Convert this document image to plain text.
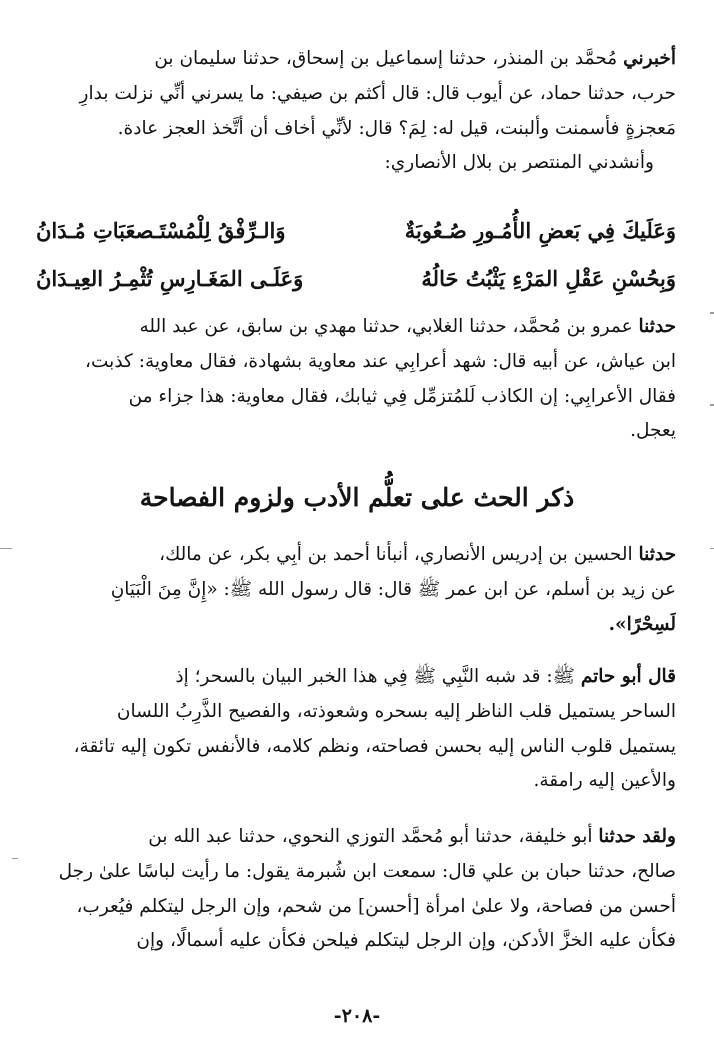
أخبرني مُحمَّد بن المنذر، حدثنا إسماعيل بن إسحاق، حدثنا سليمان بن
حرب، حدثنا حماد، عن أيوب قال: قال أكثم بن صيفي: ما يسرني أنِّي نزلت بدارِ
مَعجزةٍ فأسمنت وألبنت، قيل له: لِمَ؟ قال: لأنِّي أخاف أن أتَّخذ العجز عادة.
وأنشدني المنتصر بن بلال الأنصاري:
وَعَلَيكَ فِي بَعضِ الأُمُـورِ صُـعُوبَةٌ
وَالـرِّفْقُ لِلْمُسْتَـصعَبَاتِ مُـدَانُ
وَبِحُسْنِ عَقْلِ المَرْءِ يَثْبُتُ حَالُهُ
وَعَلَـى المَغَـارِسِ تُثْمِـرُ العِيـدَانُ
حدثنا عمرو بن مُحمَّد، حدثنا الغلابي، حدثنا مهدي بن سابق، عن عبد الله
ابن عياش، عن أبيه قال: شهد أعرابِي عند معاوية بشهادة، فقال معاوية: كذبت،
فقال الأعرابِي: إن الكاذب لَلمُتزمِّل فِي ثيابك، فقال معاوية: هذا جزاء من
يعجل.
ذكر الحث على تعلُّم الأدب ولزوم الفصاحة
حدثنا الحسين بن إدريس الأنصاري، أنبأنا أحمد بن أبِي بكر، عن مالك،
عن زيد بن أسلم، عن ابن عمر ﷺ قال: قال رسول الله ﷺ: «إِنَّ مِنَ الْبَيَانِ
لَسِحْرًا».
قال أبو حاتم ﷺ: قد شبه النَّبِي ﷺ فِي هذا الخبر البيان بالسحر؛ إذ
الساحر يستميل قلب الناظر إليه بسحره وشعوذته، والفصيح الذَّرِبُ اللسان
يستميل قلوب الناس إليه بحسن فصاحته، ونظم كلامه، فالأنفس تكون إليه تائقة،
والأعين إليه رامقة.
ولقد حدثنا أبو خليفة، حدثنا أبو مُحمَّد التوزي النحوي، حدثنا عبد الله بن
صالح، حدثنا حبان بن علي قال: سمعت ابن شُبرمة يقول: ما رأيت لباسًا علىٰ رجل
أحسن من فصاحة، ولا علىٰ امرأة [أحسن] من شحم، وإن الرجل ليتكلم فيُعرب،
فكأن عليه الخزَّ الأدكن، وإن الرجل ليتكلم فيلحن فكأن عليه أسمالًا، وإن
-٢٠٨-
